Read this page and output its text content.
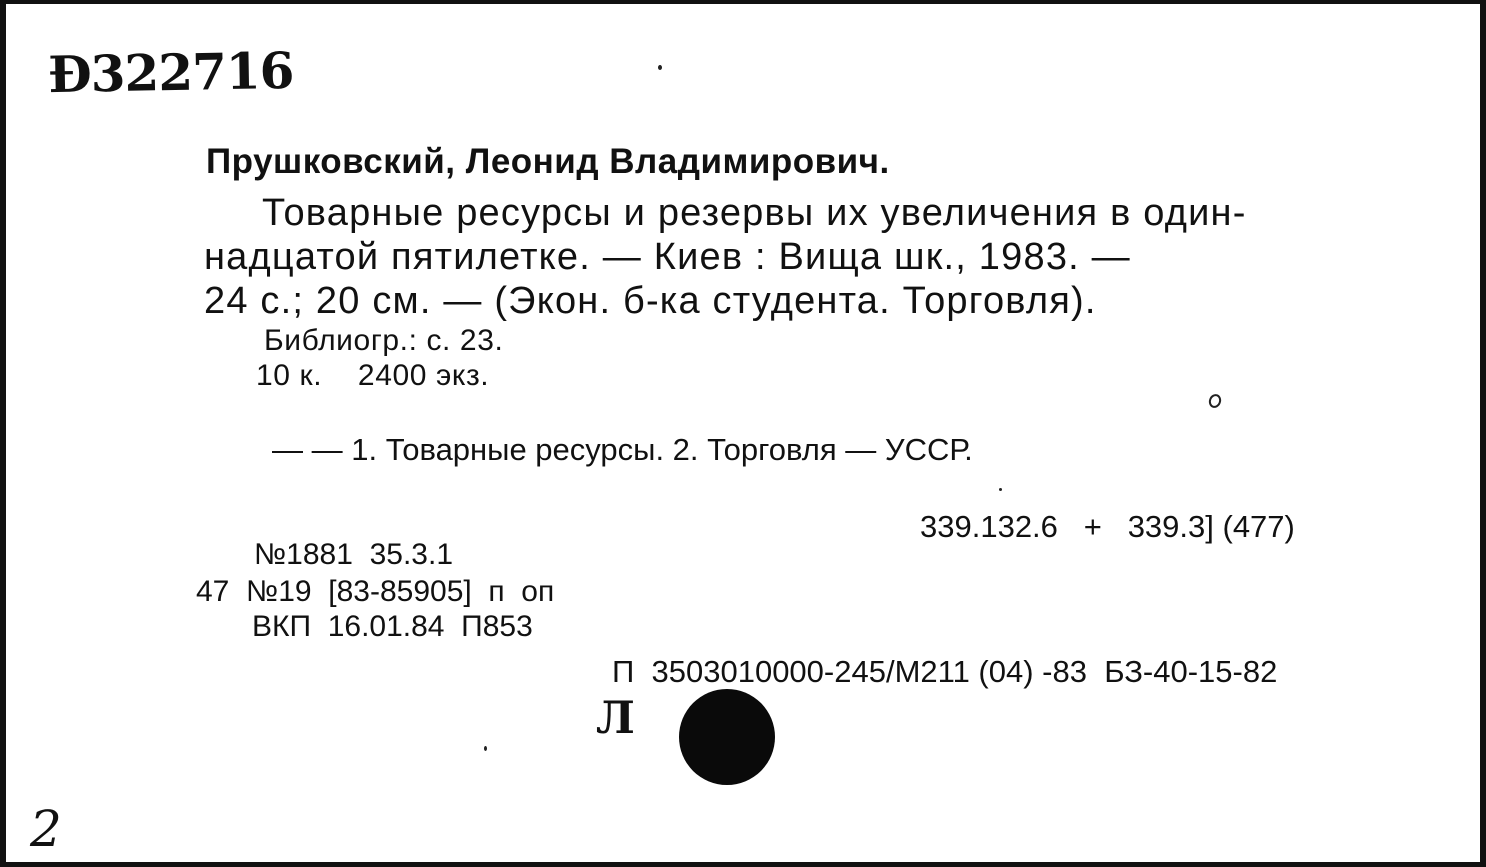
Ð322716
Прушковский, Леонид Владимирович.
Товарные ресурсы и резервы их увеличения в один-
надцатой пятилетке. — Киев : Вища шк., 1983. —
24 с.; 20 см. — (Экон. б-ка студента. Торговля).
Библиогр.: с. 23.
10 к.    2400 экз.
— — 1. Товарные ресурсы. 2. Торговля — УССР.
339.132.6   +   339.3] (477)
№1881  35.3.1
47  №19  [83-85905]  п  оп
ВКП  16.01.84  П853
П  3503010000-245/М211 (04) -83  БЗ-40-15-82
Л
2
